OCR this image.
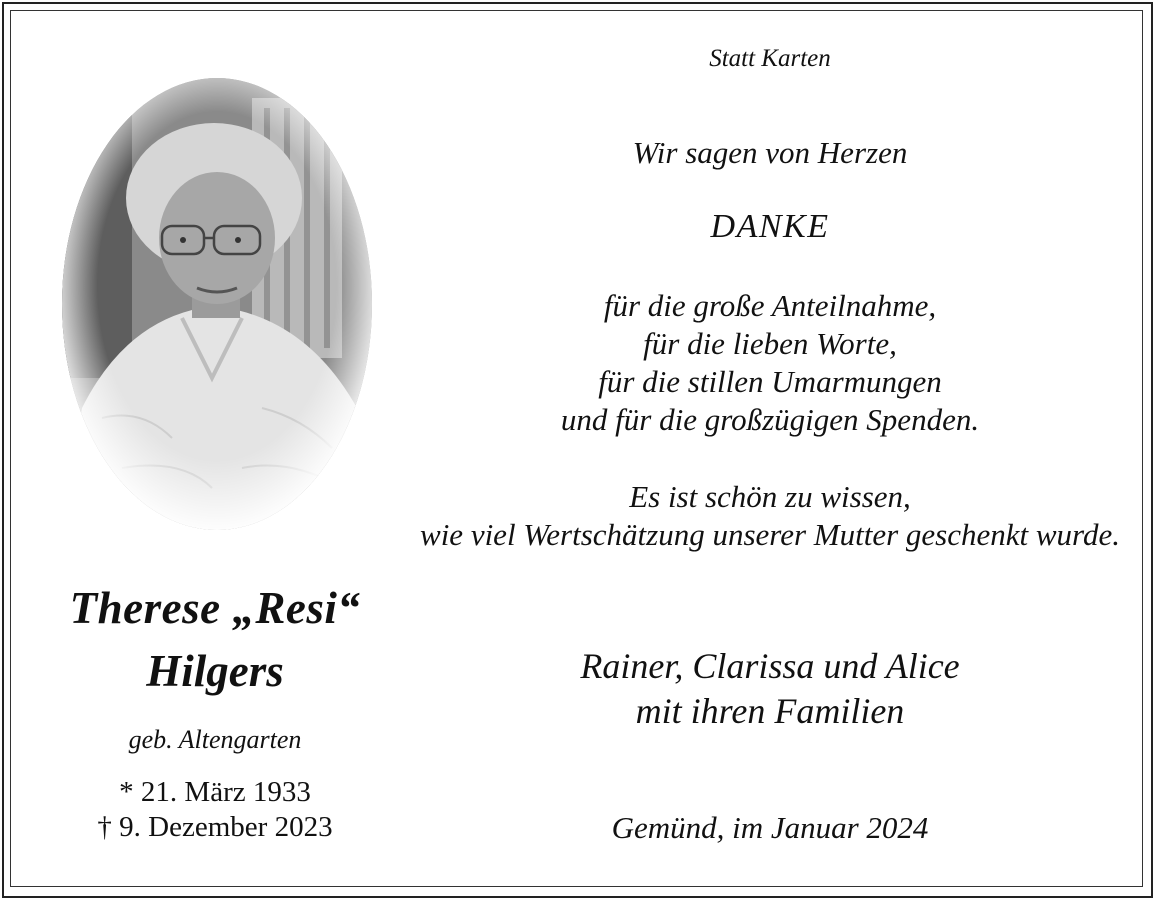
Therese „Resi“
Hilgers
geb. Altengarten
* 21. März 1933
† 9. Dezember 2023
Statt Karten
Wir sagen von Herzen
DANKE
für die große Anteilnahme,
für die lieben Worte,
für die stillen Umarmungen
und für die großzügigen Spenden.
Es ist schön zu wissen,
wie viel Wertschätzung unserer Mutter geschenkt wurde.
Rainer, Clarissa und Alice
mit ihren Familien
Gemünd, im Januar 2024
